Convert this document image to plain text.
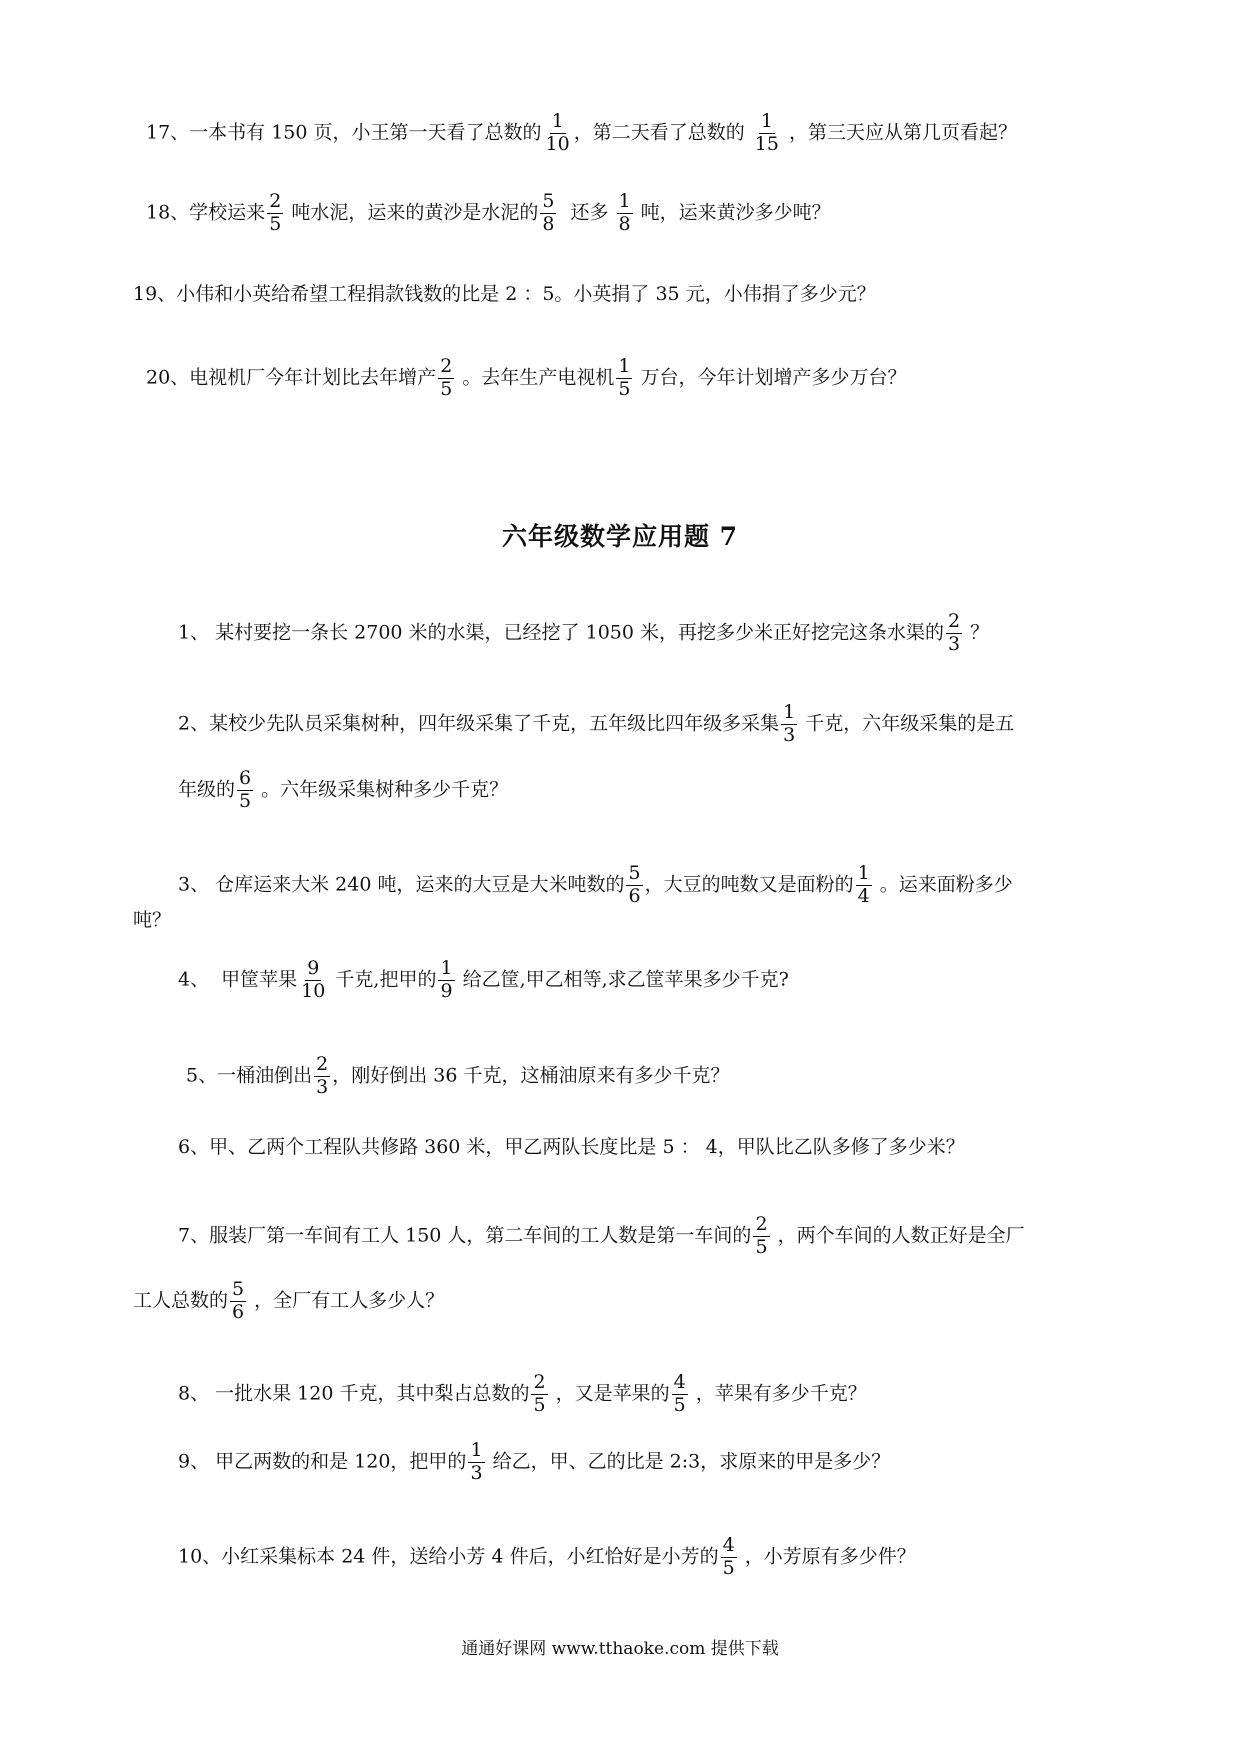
17、一本书有 150 页，小王第一天看了总数的 $\frac{1}{10}$ ，第二天看了总数的 $\frac{1}{15}$ ，第三天应从第几页看起？
18、学校运来 $\frac{2}{5}$ 吨水泥，运来的黄沙是水泥的 $\frac{5}{8}$ 还多 $\frac{1}{8}$ 吨，运来黄沙多少吨？
19、小伟和小英给希望工程捐款钱数的比是 2 ：5。小英捐了 35 元，小伟捐了多少元？
20、电视机厂今年计划比去年增产 $\frac{2}{5}$ 。去年生产电视机 $\frac{1}{5}$ 万台，今年计划增产多少万台？
六年级数学应用题 7
1、 某村要挖一条长 2700 米的水渠，已经挖了 1050 米，再挖多少米正好挖完这条水渠的 $\frac{2}{3}$ ？
2、某校少先队员采集树种，四年级采集了千克，五年级比四年级多采集 $\frac{1}{3}$ 千克，六年级采集的是五
年级的 $\frac{6}{5}$ 。六年级采集树种多少千克？
3、 仓库运来大米 240 吨，运来的大豆是大米吨数的 $\frac{5}{6}$ ，大豆的吨数又是面粉的 $\frac{1}{4}$ 。运来面粉多少
吨？
4、  甲筐苹果 $\frac{9}{10}$ 千克,把甲的 $\frac{1}{9}$ 给乙筐,甲乙相等,求乙筐苹果多少千克?
5、一桶油倒出 $\frac{2}{3}$ ，刚好倒出 36 千克，这桶油原来有多少千克？
6、甲、乙两个工程队共修路 360 米，甲乙两队长度比是 5 ： 4，甲队比乙队多修了多少米？
7、服装厂第一车间有工人 150 人，第二车间的工人数是第一车间的 $\frac{2}{5}$ ，两个车间的人数正好是全厂
工人总数的 $\frac{5}{6}$ ，全厂有工人多少人？
8、 一批水果 120 千克，其中梨占总数的 $\frac{2}{5}$ ，又是苹果的 $\frac{4}{5}$ ，苹果有多少千克？
9、 甲乙两数的和是 120，把甲的 $\frac{1}{3}$ 给乙，甲、乙的比是 2:3，求原来的甲是多少？
10、小红采集标本 24 件，送给小芳 4 件后，小红恰好是小芳的 $\frac{4}{5}$ ，小芳原有多少件？
通通好课网 www.tthaoke.com 提供下载
